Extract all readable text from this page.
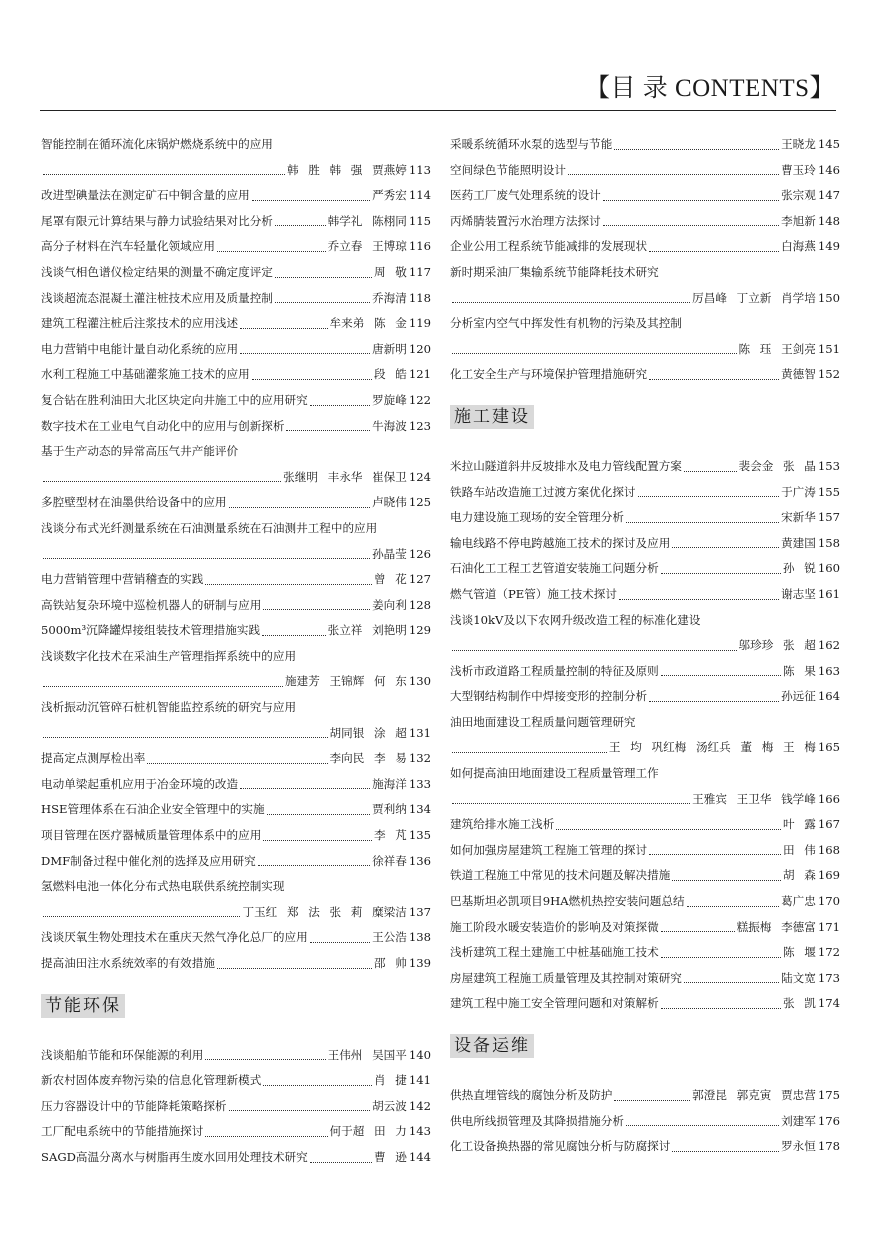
【目 录 CONTENTS】
智能控制在循环流化床锅炉燃烧系统中的应用
韩 胜 韩 强 贾燕婷 113
改进型碘量法在测定矿石中铜含量的应用	严秀宏 114
尾罩有限元计算结果与静力试验结果对比分析	韩学礼 陈栩同 115
高分子材料在汽车轻量化领域应用	乔立春 王博琼 116
浅谈气相色谱仪检定结果的测量不确定度评定	周 敬 117
浅谈超流态混凝土灌注桩技术应用及质量控制	乔海清 118
建筑工程灌注桩后注浆技术的应用浅述	牟来弟 陈 金 119
电力营销中电能计量自动化系统的应用	唐新明 120
水利工程施工中基础灌浆施工技术的应用	段 皓 121
复合钻在胜利油田大北区块定向井施工中的应用研究	罗旋峰 122
数字技术在工业电气自动化中的应用与创新探析	牛海波 123
基于生产动态的异常高压气井产能评价
张继明 丰永华 崔保卫 124
多腔壁型材在油墨供给设备中的应用	卢晓伟 125
浅谈分布式光纤测量系统在石油测量系统在石油测井工程中的应用
孙晶莹 126
电力营销管理中营销稽查的实践	曾 花 127
高铁站复杂环境中巡检机器人的研制与应用	姜向利 128
5000m³沉降罐焊接组装技术管理措施实践	张立祥 刘艳明 129
浅谈数字化技术在采油生产管理指挥系统中的应用
施建芳 王锦辉 何 东 130
浅析振动沉管碎石桩机智能监控系统的研究与应用
胡同银 涂 超 131
提高定点测厚检出率	李向民 李 易 132
电动单梁起重机应用于冶金环境的改造	施海洋 133
HSE管理体系在石油企业安全管理中的实施	贾利纳 134
项目管理在医疗器械质量管理体系中的应用	李 芃 135
DMF制备过程中催化剂的选择及应用研究	徐祥春 136
氢燃料电池一体化分布式热电联供系统控制实现
丁玉红 郑 法 张 莉 糜梁洁 137
浅谈厌氧生物处理技术在重庆天然气净化总厂的应用	王公浩 138
提高油田注水系统效率的有效措施	邵 帅 139
节能环保
浅谈船舶节能和环保能源的利用	王伟州 吴国平 140
新农村固体废弃物污染的信息化管理新模式	肖 捷 141
压力容器设计中的节能降耗策略探析	胡云波 142
工厂配电系统中的节能措施探讨	何于超 田 力 143
SAGD高温分离水与树脂再生废水回用处理技术研究	曹 逊 144
采暖系统循环水泵的选型与节能	王晓龙 145
空间绿色节能照明设计	曹玉玲 146
医药工厂废气处理系统的设计	张宗观 147
丙烯腈装置污水治理方法探讨	李旭新 148
企业公用工程系统节能减排的发展现状	白海燕 149
新时期采油厂集输系统节能降耗技术研究
厉昌峰 丁立新 肖学培 150
分析室内空气中挥发性有机物的污染及其控制
陈 珏 王剑亮 151
化工安全生产与环境保护管理措施研究	黄德智 152
施工建设
米拉山隧道斜井反坡排水及电力管线配置方案	裴会金 张 晶 153
铁路车站改造施工过渡方案优化探讨	于广涛 155
电力建设施工现场的安全管理分析	宋新华 157
输电线路不停电跨越施工技术的探讨及应用	黄建国 158
石油化工工程工艺管道安装施工问题分析	孙 锐 160
燃气管道（PE管）施工技术探讨	谢志坚 161
浅谈10kV及以下农网升级改造工程的标准化建设
邬珍珍 张 超 162
浅析市政道路工程质量控制的特征及原则	陈 果 163
大型钢结构制作中焊接变形的控制分析	孙远征 164
油田地面建设工程质量问题管理研究
王 均 巩红梅 汤红兵 董 梅 王 梅 165
如何提高油田地面建设工程质量管理工作
王雅宾 王卫华 钱学峰 166
建筑给排水施工浅析	叶 露 167
如何加强房屋建筑工程施工管理的探讨	田 伟 168
铁道工程施工中常见的技术问题及解决措施	胡 森 169
巴基斯坦必凯项目9HA燃机热控安装问题总结	葛广忠 170
施工阶段水暖安装造价的影响及对策探微	糕振梅 李德富 171
浅析建筑工程土建施工中桩基础施工技术	陈 堰 172
房屋建筑工程施工质量管理及其控制对策研究	陆文宽 173
建筑工程中施工安全管理问题和对策解析	张 凯 174
设备运维
供热直埋管线的腐蚀分析及防护	郭澄昆 郭克寅 贾忠营 175
供电所线损管理及其降损措施分析	刘建军 176
化工设备换热器的常见腐蚀分析与防腐探讨	罗永恒 178
